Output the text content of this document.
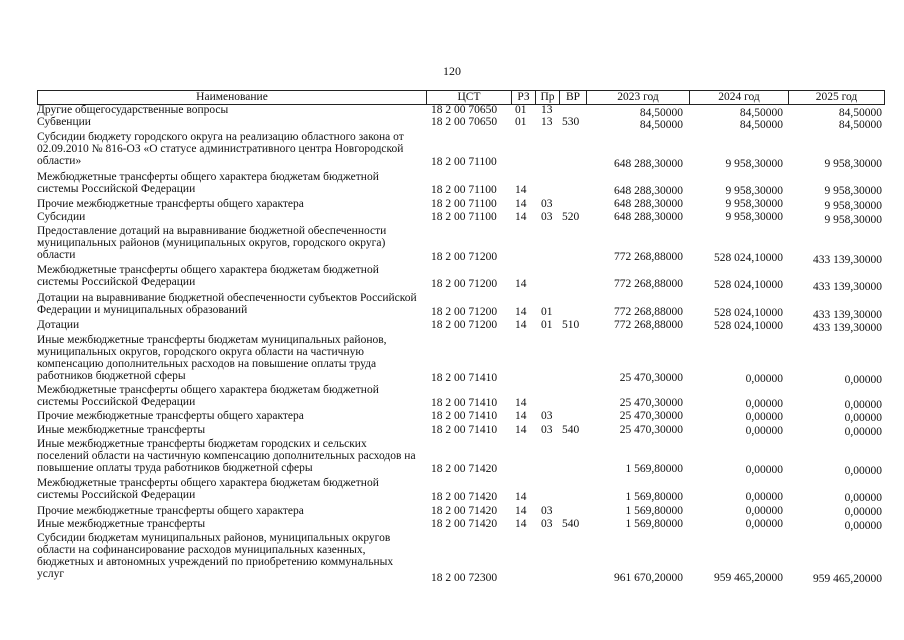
120
Наименование	ЦСТ	РЗ Пр ВР	2023 год	2024 год	2025 год
Другие общегосударственные вопросы	18 2 00 70650 01 13	84,50000	84,50000	84,50000
Субвенции	18 2 00 70650 01 13 530	84,50000	84,50000	84,50000
Субсидии бюджету городского округа на реализацию областного закона от 02.09.2010 № 816-ОЗ «О статусе административного центра Новгородской области»	18 2 00 71100	648 288,30000	9 958,30000	9 958,30000
Межбюджетные трансферты общего характера бюджетам бюджетной системы Российской Федерации	18 2 00 71100 14	648 288,30000	9 958,30000	9 958,30000
Прочие межбюджетные трансферты общего характера	18 2 00 71100 14 03	648 288,30000	9 958,30000	9 958,30000
Субсидии	18 2 00 71100 14 03 520	648 288,30000	9 958,30000	9 958,30000
Предоставление дотаций на выравнивание бюджетной обеспеченности муниципальных районов (муниципальных округов, городского округа) области	18 2 00 71200	772 268,88000	528 024,10000	433 139,30000
Межбюджетные трансферты общего характера бюджетам бюджетной системы Российской Федерации	18 2 00 71200 14	772 268,88000	528 024,10000	433 139,30000
Дотации на выравнивание бюджетной обеспеченности субъектов Российской Федерации и муниципальных образований	18 2 00 71200 14 01	772 268,88000	528 024,10000	433 139,30000
Дотации	18 2 00 71200 14 01 510	772 268,88000	528 024,10000	433 139,30000
Иные межбюджетные трансферты бюджетам муниципальных районов, муниципальных округов, городского округа области на частичную компенсацию дополнительных расходов на повышение оплаты труда работников бюджетной сферы	18 2 00 71410	25 470,30000	0,00000	0,00000
Межбюджетные трансферты общего характера бюджетам бюджетной системы Российской Федерации	18 2 00 71410 14	25 470,30000	0,00000	0,00000
Прочие межбюджетные трансферты общего характера	18 2 00 71410 14 03	25 470,30000	0,00000	0,00000
Иные межбюджетные трансферты	18 2 00 71410 14 03 540	25 470,30000	0,00000	0,00000
Иные межбюджетные трансферты бюджетам городских и сельских поселений области на частичную компенсацию дополнительных расходов на повышение оплаты труда работников бюджетной сферы	18 2 00 71420	1 569,80000	0,00000	0,00000
Межбюджетные трансферты общего характера бюджетам бюджетной системы Российской Федерации	18 2 00 71420 14	1 569,80000	0,00000	0,00000
Прочие межбюджетные трансферты общего характера	18 2 00 71420 14 03	1 569,80000	0,00000	0,00000
Иные межбюджетные трансферты	18 2 00 71420 14 03 540	1 569,80000	0,00000	0,00000
Субсидии бюджетам муниципальных районов, муниципальных округов области на софинансирование расходов муниципальных казенных, бюджетных и автономных учреждений по приобретению коммунальных услуг	18 2 00 72300	961 670,20000	959 465,20000	959 465,20000
